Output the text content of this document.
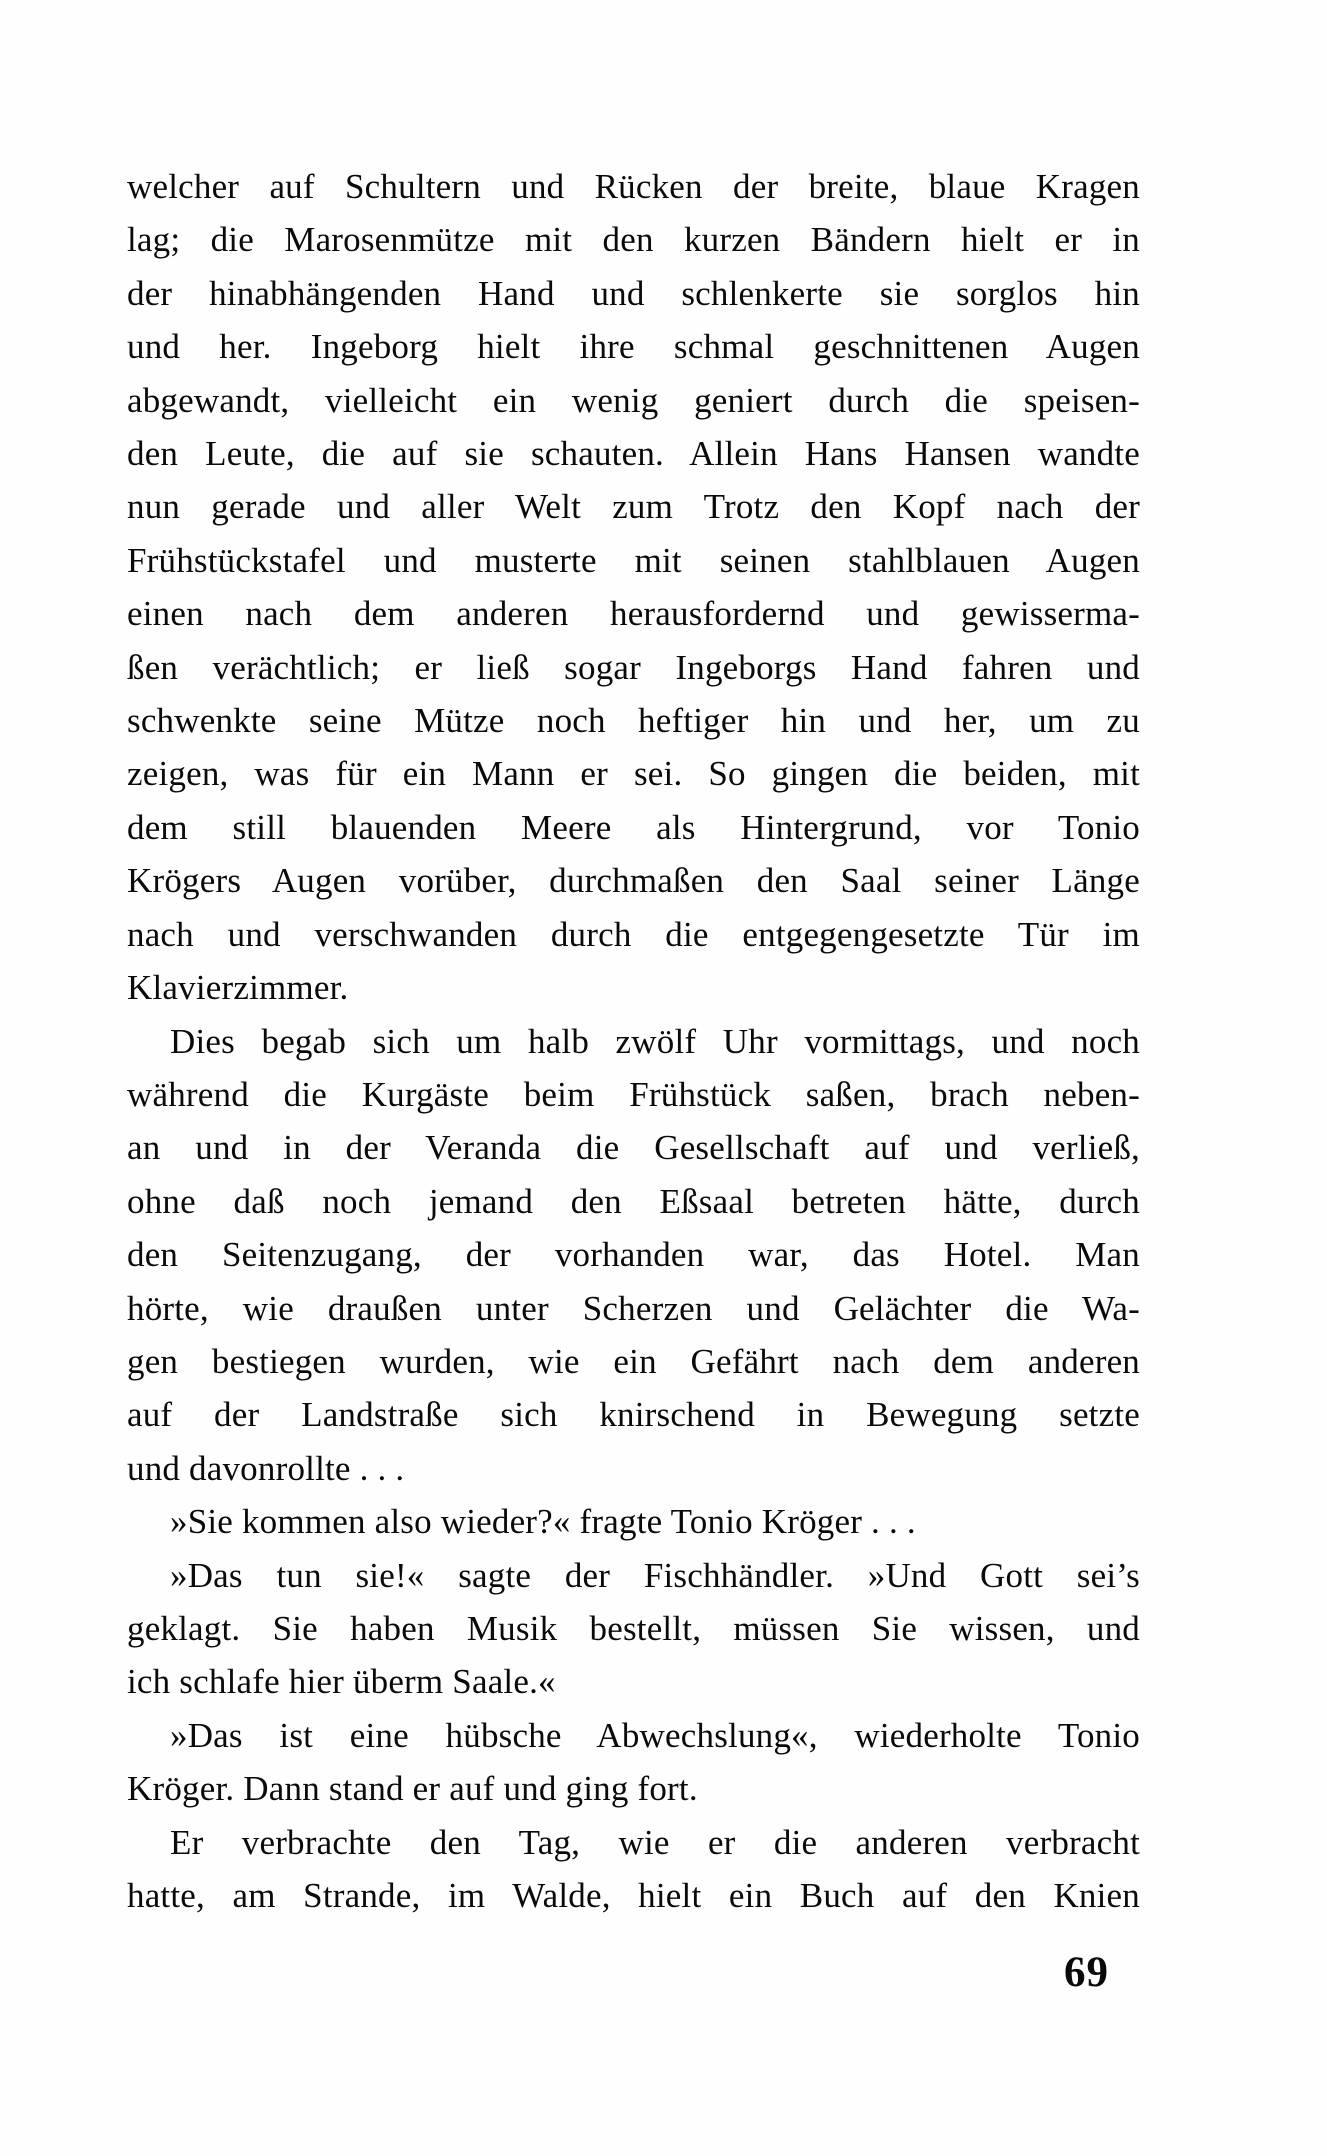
welcher auf Schultern und Rücken der breite, blaue Kragen
lag; die Marosenmütze mit den kurzen Bändern hielt er in
der hinabhängenden Hand und schlenkerte sie sorglos hin
und her. Ingeborg hielt ihre schmal geschnittenen Augen
abgewandt, vielleicht ein wenig geniert durch die speisen-
den Leute, die auf sie schauten. Allein Hans Hansen wandte
nun gerade und aller Welt zum Trotz den Kopf nach der
Frühstückstafel und musterte mit seinen stahlblauen Augen
einen nach dem anderen herausfordernd und gewisserma-
ßen verächtlich; er ließ sogar Ingeborgs Hand fahren und
schwenkte seine Mütze noch heftiger hin und her, um zu
zeigen, was für ein Mann er sei. So gingen die beiden, mit
dem still blauenden Meere als Hintergrund, vor Tonio
Krögers Augen vorüber, durchmaßen den Saal seiner Länge
nach und verschwanden durch die entgegengesetzte Tür im
Klavierzimmer.
Dies begab sich um halb zwölf Uhr vormittags, und noch
während die Kurgäste beim Frühstück saßen, brach neben-
an und in der Veranda die Gesellschaft auf und verließ,
ohne daß noch jemand den Eßsaal betreten hätte, durch
den Seitenzugang, der vorhanden war, das Hotel. Man
hörte, wie draußen unter Scherzen und Gelächter die Wa-
gen bestiegen wurden, wie ein Gefährt nach dem anderen
auf der Landstraße sich knirschend in Bewegung setzte
und davonrollte . . .
»Sie kommen also wieder?« fragte Tonio Kröger . . .
»Das tun sie!« sagte der Fischhändler. »Und Gott sei’s
geklagt. Sie haben Musik bestellt, müssen Sie wissen, und
ich schlafe hier überm Saale.«
»Das ist eine hübsche Abwechslung«, wiederholte Tonio
Kröger. Dann stand er auf und ging fort.
Er verbrachte den Tag, wie er die anderen verbracht
hatte, am Strande, im Walde, hielt ein Buch auf den Knien
69
